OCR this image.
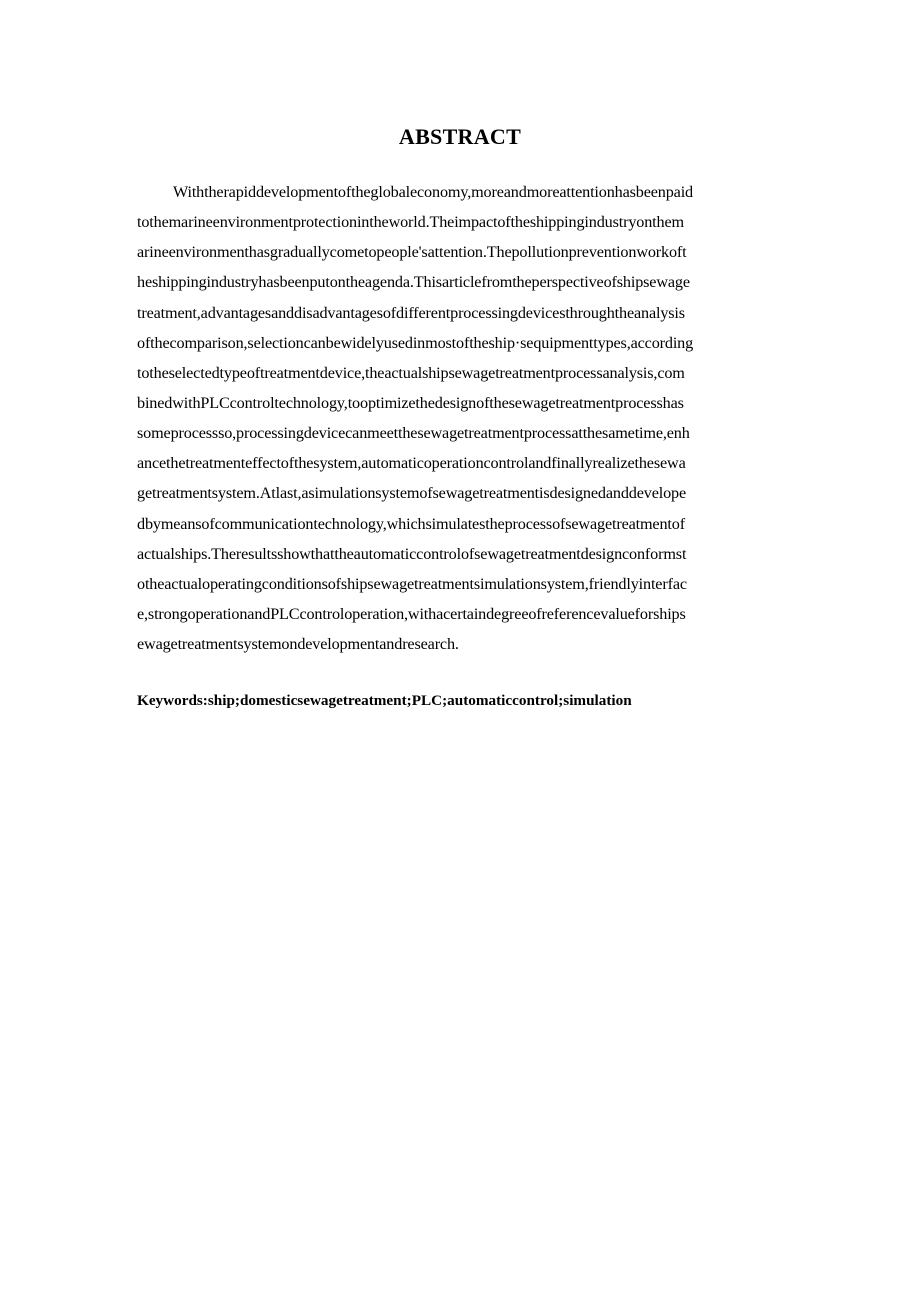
ABSTRACT
Withtherapiddevelopmentoftheglobaleconomy,moreandmoreattentionhasbeenpaid
tothemarineenvironmentprotectionintheworld.Theimpactoftheshippingindustryonthem
arineenvironmenthasgraduallycometopeople'sattention.Thepollutionpreventionworkoft
heshippingindustryhasbeenputontheagenda.Thisarticlefromtheperspectiveofshipsewage
treatment,advantagesanddisadvantagesofdifferentprocessingdevicesthroughtheanalysis
ofthecomparison,selectioncanbewidelyusedinmostoftheship·sequipmenttypes,according
totheselectedtypeoftreatmentdevice,theactualshipsewagetreatmentprocessanalysis,com
binedwithPLCcontroltechnology,tooptimizethedesignofthesewagetreatmentprocesshas
someprocessso,processingdevicecanmeetthesewagetreatmentprocessatthesametime,enh
ancethetreatmenteffectofthesystem,automaticoperationcontrolandfinallyrealizethesewa
getreatmentsystem.Atlast,asimulationsystemofsewagetreatmentisdesignedanddevelope
dbymeansofcommunicationtechnology,whichsimulatestheprocessofsewagetreatmentof
actualships.Theresultsshowthattheautomaticcontrolofsewagetreatmentdesignconformst
otheactualoperatingconditionsofshipsewagetreatmentsimulationsystem,friendlyinterfac
e,strongoperationandPLCcontroloperation,withacertaindegreeofreferencevalueforships
ewagetreatmentsystemondevelopmentandresearch.
Keywords:ship;domesticsewagetreatment;PLC;automaticcontrol;simulation
